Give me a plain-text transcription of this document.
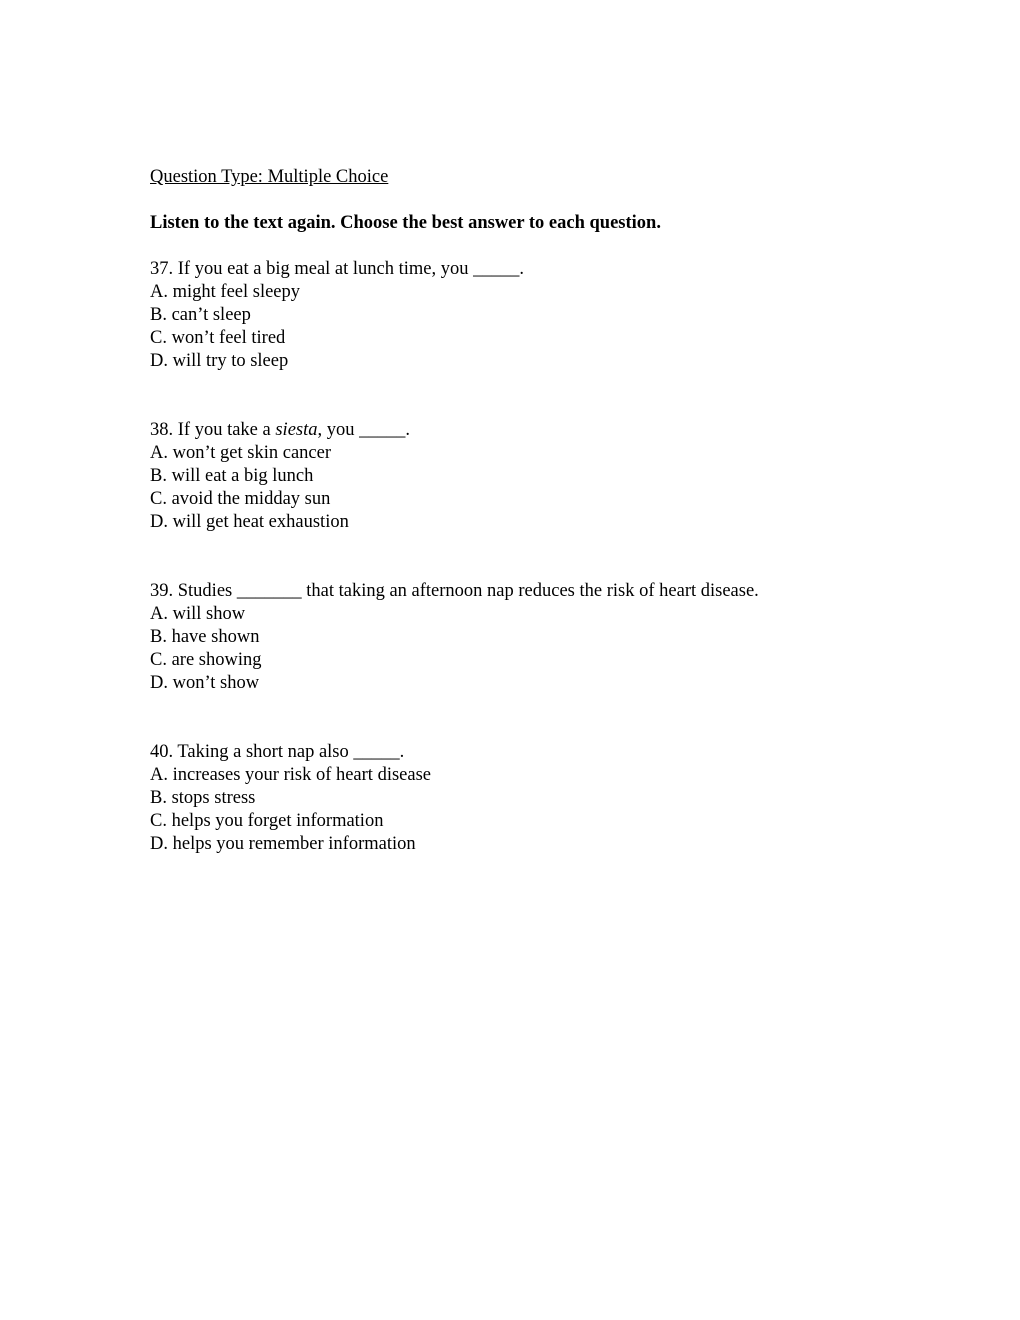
Question Type: Multiple Choice

Listen to the text again. Choose the best answer to each question.

37. If you eat a big meal at lunch time, you _____.

A. might feel sleepy

B. can’t sleep

C. won’t feel tired

D. will try to sleep

38. If you take a siesta, you _____.

A. won’t get skin cancer

B. will eat a big lunch

C. avoid the midday sun

D. will get heat exhaustion

39. Studies _______ that taking an afternoon nap reduces the risk of heart disease.

A. will show

B. have shown

C. are showing

D. won’t show

40. Taking a short nap also _____.

A. increases your risk of heart disease

B. stops stress

C. helps you forget information

D. helps you remember information
